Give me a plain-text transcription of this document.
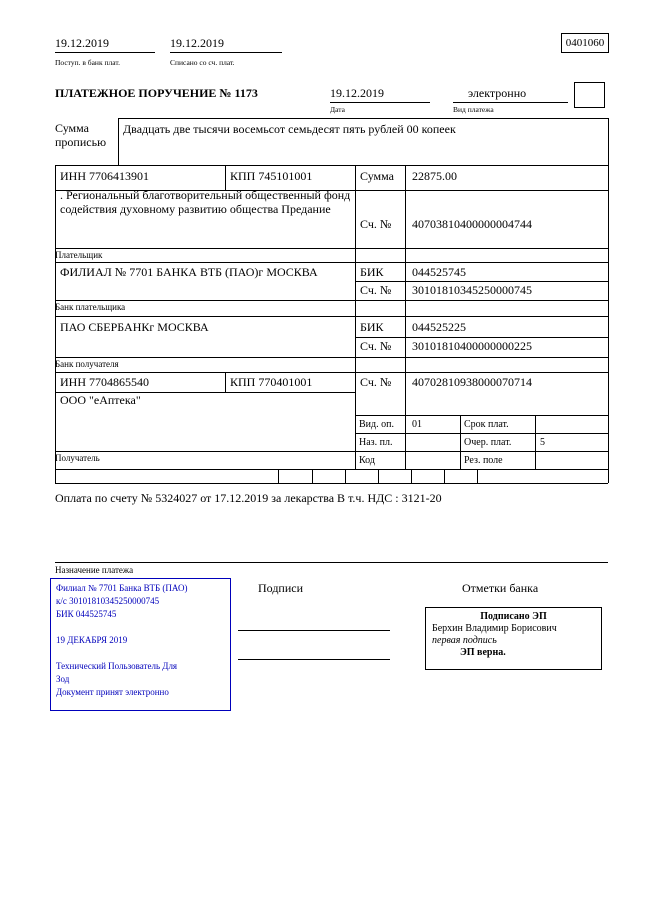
19.12.2019
Поступ. в банк плат.
19.12.2019
Списано со сч. плат.
0401060
ПЛАТЕЖНОЕ ПОРУЧЕНИЕ № 1173	19.12.2019
Дата
электронно
Вид платежа
Сумма прописью
Двадцать две тысячи восемьсот семьдесят пять рублей 00 копеек
ИНН 7706413901	КПП 745101001	Сумма 22875.00
. Региональный благотворительный общественный фонд содействия духовному развитию общества Предание
Сч. № 40703810400000004744
Плательщик
ФИЛИАЛ № 7701 БАНКА ВТБ (ПАО)г МОСКВА	БИК 044525745
Сч. № 30101810345250000745
Банк плательщика
ПАО СБЕРБАНКг МОСКВА	БИК 044525225
Сч. № 30101810400000000225
Банк получателя
ИНН 7704865540	КПП 770401001	Сч. № 40702810938000070714
ООО "еАптека"
Получатель
Вид. оп. 01	Срок плат.
Наз. пл.	Очер. плат.	5
Код	Рез. поле
Оплата по счету № 5324027 от 17.12.2019 за лекарства В т.ч. НДС : 3121-20
Назначение платежа
Филиал № 7701 Банка ВТБ (ПАО)
к/с 30101810345250000745
БИК 044525745
19 ДЕКАБРЯ 2019
Технический Пользователь Для
Зод
Документ принят электронно
Подписи	Отметки банка
Подписано ЭП
Берхин Владимир Борисович
первая подпись
ЭП верна.
